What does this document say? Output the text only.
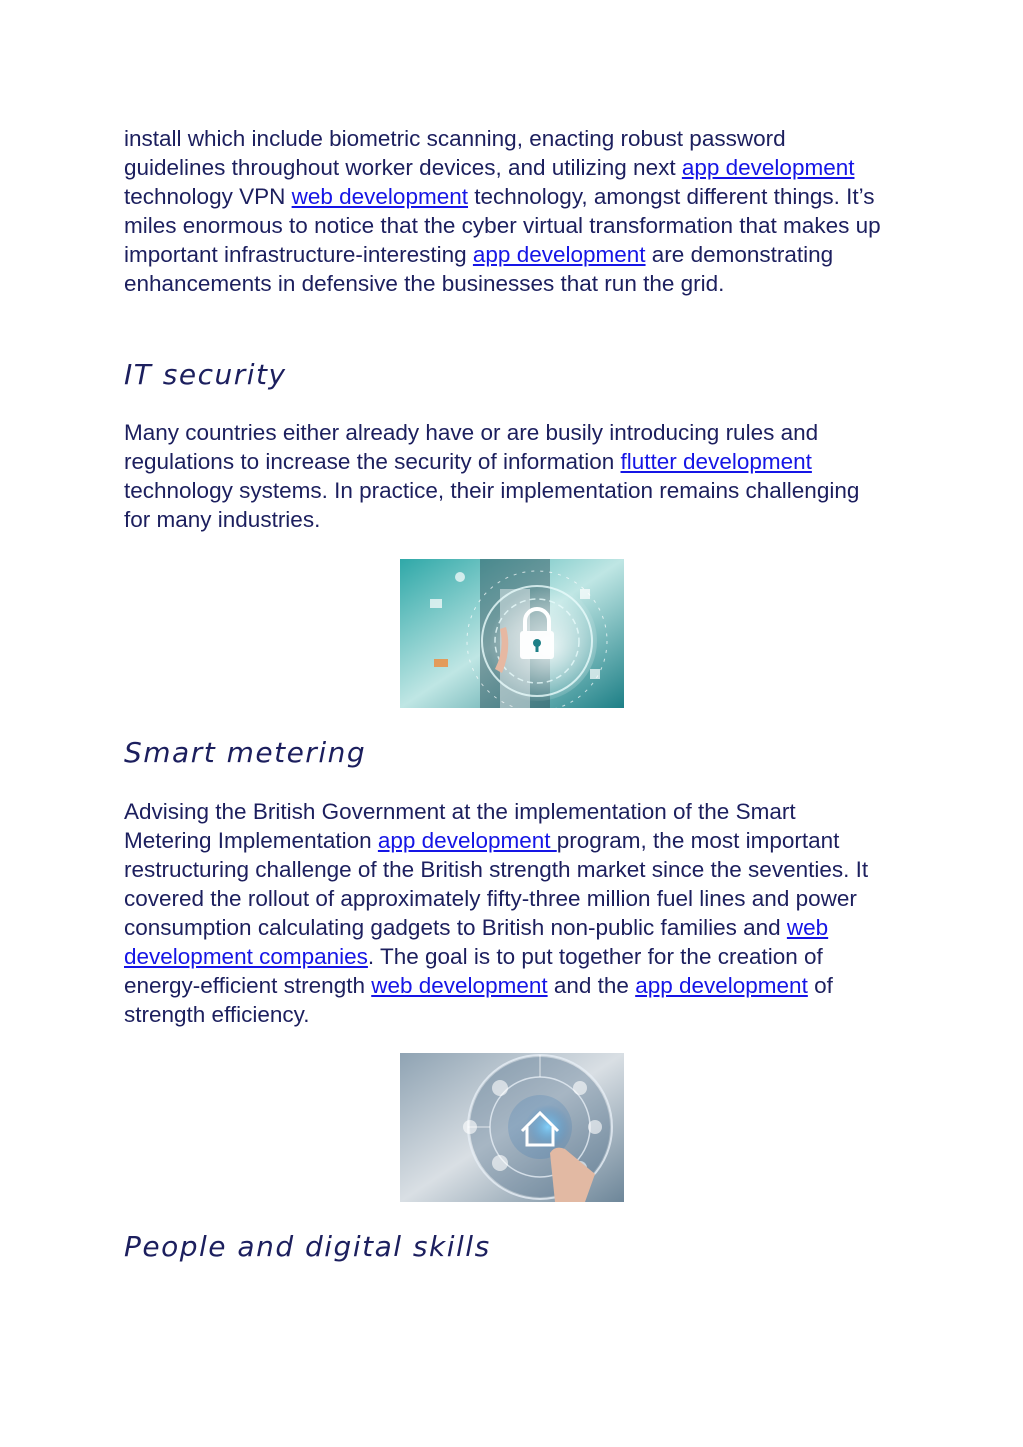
install which include biometric scanning, enacting robust password guidelines throughout worker devices, and utilizing next app development technology VPN web development technology, amongst different things. It’s miles enormous to notice that the cyber virtual transformation that makes up important infrastructure-interesting app development are demonstrating enhancements in defensive the businesses that run the grid.

IT security

Many countries either already have or are busily introducing rules and regulations to increase the security of information flutter development technology systems. In practice, their implementation remains challenging for many industries.

Smart metering

Advising the British Government at the implementation of the Smart Metering Implementation app development program, the most important restructuring challenge of the British strength market since the seventies. It covered the rollout of approximately fifty-three million fuel lines and power consumption calculating gadgets to British non-public families and web development companies. The goal is to put together for the creation of energy-efficient strength web development and the app development of strength efficiency.

People and digital skills
